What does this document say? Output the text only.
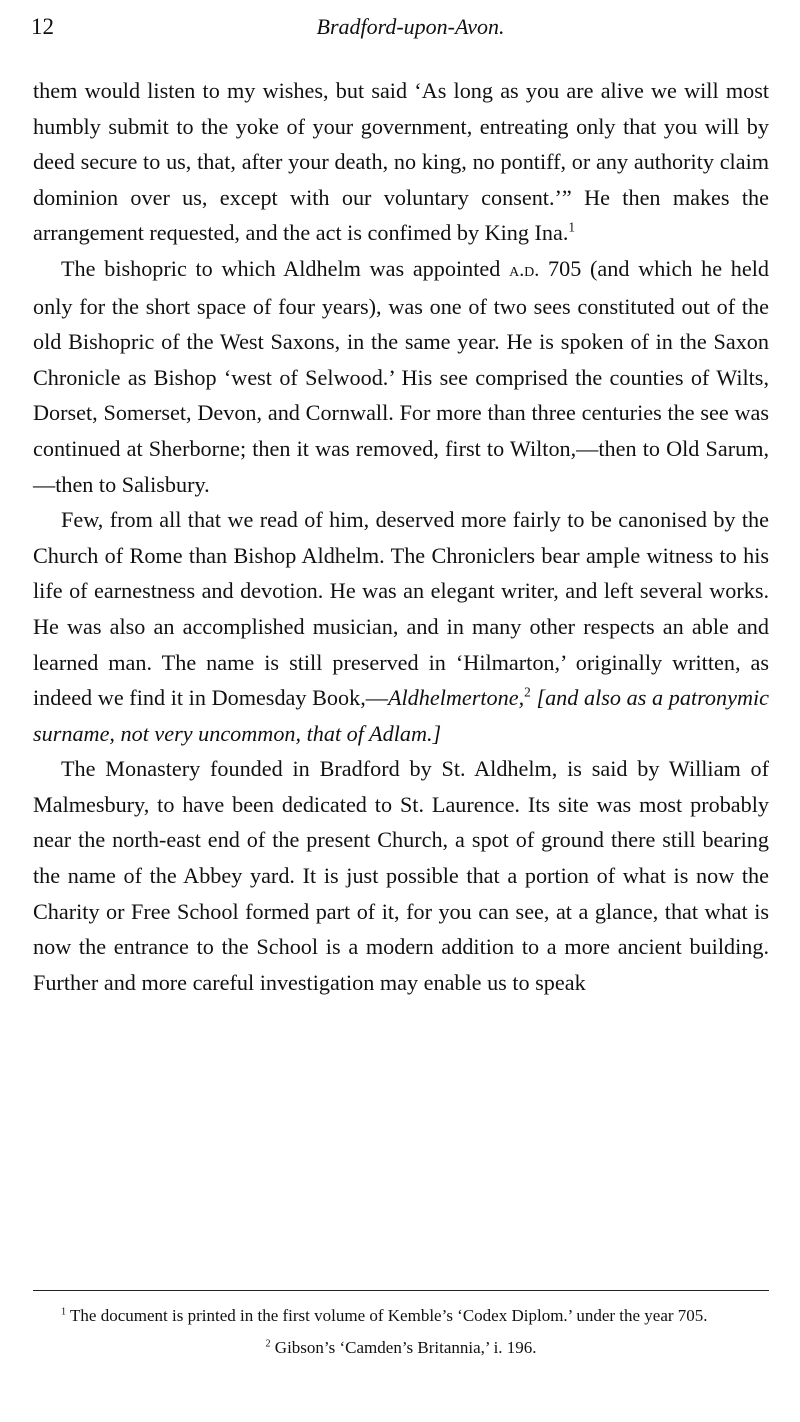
12	Bradford-upon-Avon.

them would listen to my wishes, but said ‘As long as you are alive we will most humbly submit to the yoke of your government, entreating only that you will by deed secure to us, that, after your death, no king, no pontiff, or any authority claim dominion over us, except with our voluntary consent.’” He then makes the arrangement requested, and the act is confimed by King Ina.$^1$

The bishopric to which Aldhelm was appointed a.d. 705 (and which he held only for the short space of four years), was one of two sees constituted out of the old Bishopric of the West Saxons, in the same year. He is spoken of in the Saxon Chronicle as Bishop ‘west of Selwood.’ His see comprised the counties of Wilts, Dorset, Somerset, Devon, and Cornwall. For more than three centuries the see was continued at Sherborne; then it was removed, first to Wilton,—then to Old Sarum,—then to Salisbury.

Few, from all that we read of him, deserved more fairly to be canonised by the Church of Rome than Bishop Aldhelm. The Chroniclers bear ample witness to his life of earnestness and devotion. He was an elegant writer, and left several works. He was also an accomplished musician, and in many other respects an able and learned man. The name is still preserved in ‘Hilmarton,’ originally written, as indeed we find it in Domesday Book,—Aldhelmertone,$^2$ [and also as a patronymic surname, not very uncommon, that of Adlam.]

The Monastery founded in Bradford by St. Aldhelm, is said by William of Malmesbury, to have been dedicated to St. Laurence. Its site was most probably near the north-east end of the present Church, a spot of ground there still bearing the name of the Abbey yard. It is just possible that a portion of what is now the Charity or Free School formed part of it, for you can see, at a glance, that what is now the entrance to the School is a modern addition to a more ancient building. Further and more careful investigation may enable us to speak

$^1$ The document is printed in the first volume of Kemble’s ‘Codex Diplom.’ under the year 705.

$^2$ Gibson’s ‘Camden’s Britannia,’ i. 196.
